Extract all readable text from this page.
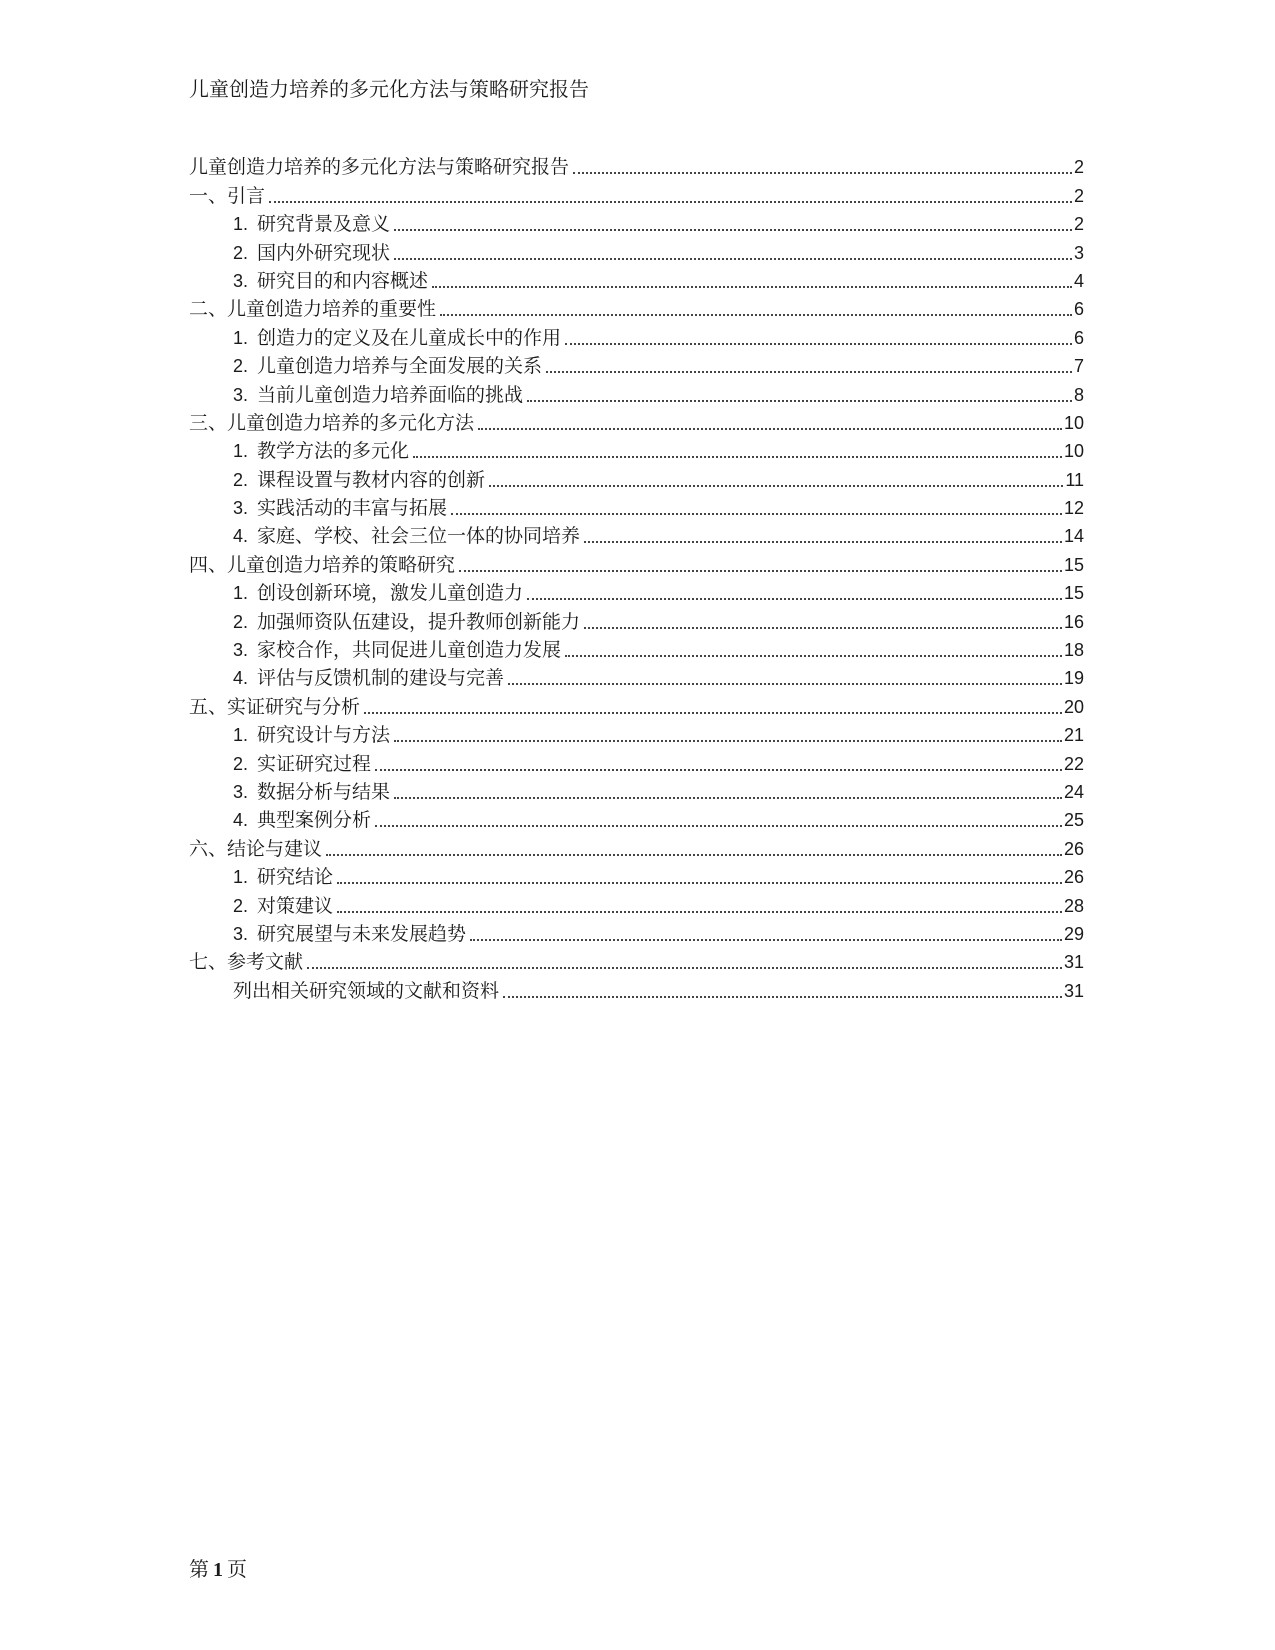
儿童创造力培养的多元化方法与策略研究报告
儿童创造力培养的多元化方法与策略研究报告	2
一、引言	2
1. 研究背景及意义	2
2. 国内外研究现状	3
3. 研究目的和内容概述	4
二、儿童创造力培养的重要性	6
1. 创造力的定义及在儿童成长中的作用	6
2. 儿童创造力培养与全面发展的关系	7
3. 当前儿童创造力培养面临的挑战	8
三、儿童创造力培养的多元化方法	10
1. 教学方法的多元化	10
2. 课程设置与教材内容的创新	11
3. 实践活动的丰富与拓展	12
4. 家庭、学校、社会三位一体的协同培养	14
四、儿童创造力培养的策略研究	15
1. 创设创新环境，激发儿童创造力	15
2. 加强师资队伍建设，提升教师创新能力	16
3. 家校合作，共同促进儿童创造力发展	18
4. 评估与反馈机制的建设与完善	19
五、实证研究与分析	20
1. 研究设计与方法	21
2. 实证研究过程	22
3. 数据分析与结果	24
4. 典型案例分析	25
六、结论与建议	26
1. 研究结论	26
2. 对策建议	28
3. 研究展望与未来发展趋势	29
七、参考文献	31
列出相关研究领域的文献和资料	31
第 1 页
